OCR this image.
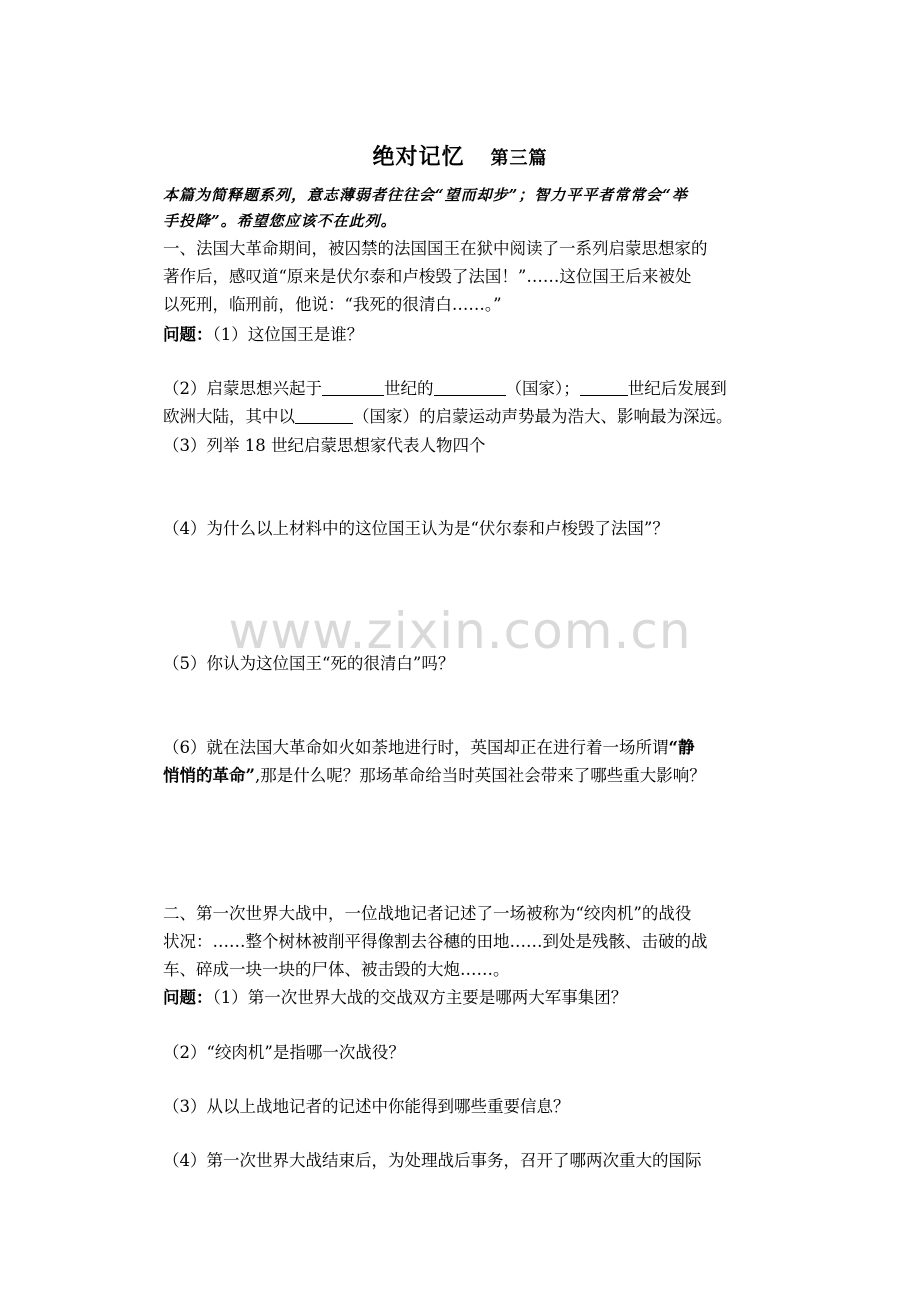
绝对记忆 第三篇
本篇为简释题系列，意志薄弱者往往会“望而却步”；智力平平者常常会“举
手投降”。希望您应该不在此列。
一、法国大革命期间，被囚禁的法国国王在狱中阅读了一系列启蒙思想家的
著作后，感叹道“原来是伏尔泰和卢梭毁了法国！”……这位国王后来被处
以死刑，临刑前，他说：“我死的很清白……。”
问题：（1）这位国王是谁？
（2）启蒙思想兴起于	世纪的	（国家）；	世纪后发展到
欧洲大陆，其中以	（国家）的启蒙运动声势最为浩大、影响最为深远。
（3）列举 18 世纪启蒙思想家代表人物四个
（4）为什么以上材料中的这位国王认为是“伏尔泰和卢梭毁了法国”？
www.zixin.com.cn
（5）你认为这位国王“死的很清白”吗？
（6）就在法国大革命如火如荼地进行时，英国却正在进行着一场所谓“静
悄悄的革命”,那是什么呢？那场革命给当时英国社会带来了哪些重大影响？
二、第一次世界大战中，一位战地记者记述了一场被称为“绞肉机”的战役
状况：……整个树林被削平得像割去谷穗的田地……到处是残骸、击破的战
车、碎成一块一块的尸体、被击毁的大炮……。
问题：（1）第一次世界大战的交战双方主要是哪两大军事集团？
（2）“绞肉机”是指哪一次战役？
（3）从以上战地记者的记述中你能得到哪些重要信息？
（4）第一次世界大战结束后，为处理战后事务，召开了哪两次重大的国际
